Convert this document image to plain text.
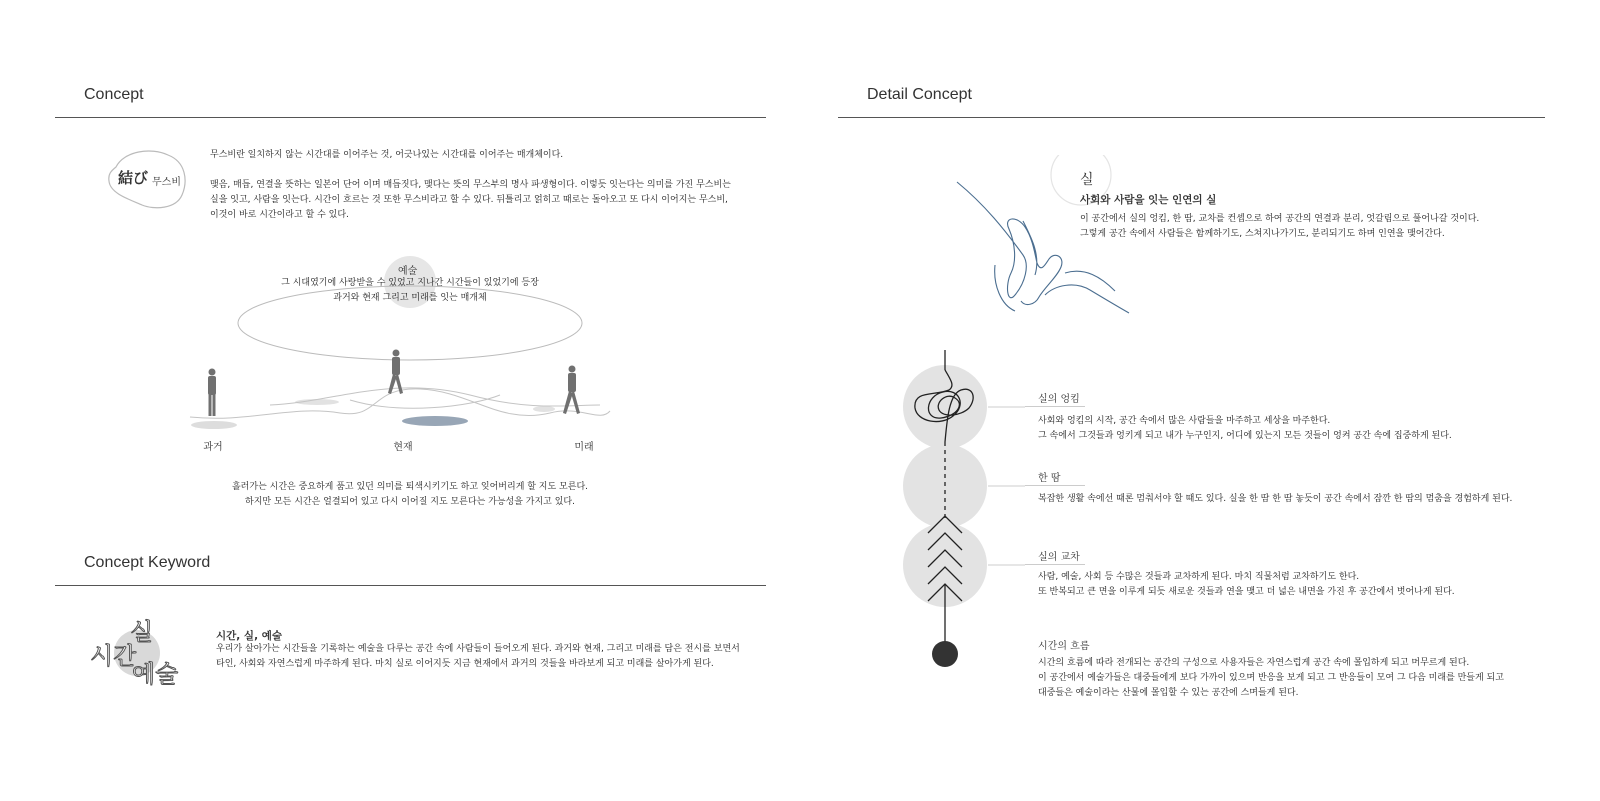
Concept
結び 무스비
무스비란 일치하지 않는 시간대를 이어주는 것, 어긋나있는 시간대를 이어주는 매개체이다.
맺음, 매듭, 연결을 뜻하는 일본어 단어 이며 매듭짓다, 맺다는 뜻의 무스부의 명사 파생형이다. 이렇듯 잇는다는 의미를 가진 무스비는
실을 잇고, 사람을 잇는다. 시간이 흐르는 것 또한 무스비라고 할 수 있다. 뒤틀리고 얽히고 때로는 돌아오고 또 다시 이어지는 무스비,
이것이 바로 시간이라고 할 수 있다.
예술
그 시대였기에 사랑받을 수 있었고 지나간 시간들이 있었기에 등장
과거와 현재 그리고 미래를 잇는 매개체
과거	현재	미래
흘러가는 시간은 중요하게 품고 있던 의미를 퇴색시키기도 하고 잊어버리게 할 지도 모른다.
하지만 모든 시간은 얼결되어 있고 다시 이어질 지도 모른다는 가능성을 가지고 있다.
Concept Keyword
실
시간
예술
시간, 실, 예술
우리가 살아가는 시간들을 기록하는 예술을 다루는 공간 속에 사람들이 들어오게 된다. 과거와 현재, 그리고 미래를 담은 전시를 보면서
타인, 사회와 자연스럽게 마주하게 된다. 마치 실로 이어지듯 지금 현재에서 과거의 것들을 바라보게 되고 미래를 살아가게 된다.
Detail Concept
실
사회와 사람을 잇는 인연의 실
이 공간에서 실의 엉킴, 한 땀, 교차를 컨셉으로 하여 공간의 연결과 분리, 엇갈림으로 풀어나갈 것이다.
그렇게 공간 속에서 사람들은 함께하기도, 스쳐지나가기도, 분리되기도 하며 인연을 맺어간다.
실의 엉킴
사회와 엉킴의 시작, 공간 속에서 많은 사람들을 마주하고 세상을 마주한다.
그 속에서 그것들과 엉키게 되고 내가 누구인지, 어디에 있는지 모든 것들이 엉켜 공간 속에 집중하게 된다.
한 땀
복잡한 생활 속에선 때론 멈춰서야 할 때도 있다. 실을 한 땀 한 땀 놓듯이 공간 속에서 잠깐 한 땀의 멈춤을 경험하게 된다.
실의 교차
사람, 예술, 사회 등 수많은 것들과 교차하게 된다. 마치 직물처럼 교차하기도 한다.
또 반복되고 큰 면을 이루게 되듯 새로운 것들과 연을 맺고 더 넓은 내면을 가진 후 공간에서 벗어나게 된다.
시간의 흐름
시간의 흐름에 따라 전개되는 공간의 구성으로 사용자들은 자연스럽게 공간 속에 몰입하게 되고 머무르게 된다.
이 공간에서 예술가들은 대중들에게 보다 가까이 있으며 반응을 보게 되고 그 반응들이 모여 그 다음 미래를 만들게 되고
대중들은 예술이라는 산물에 몰입할 수 있는 공간에 스며들게 된다.
